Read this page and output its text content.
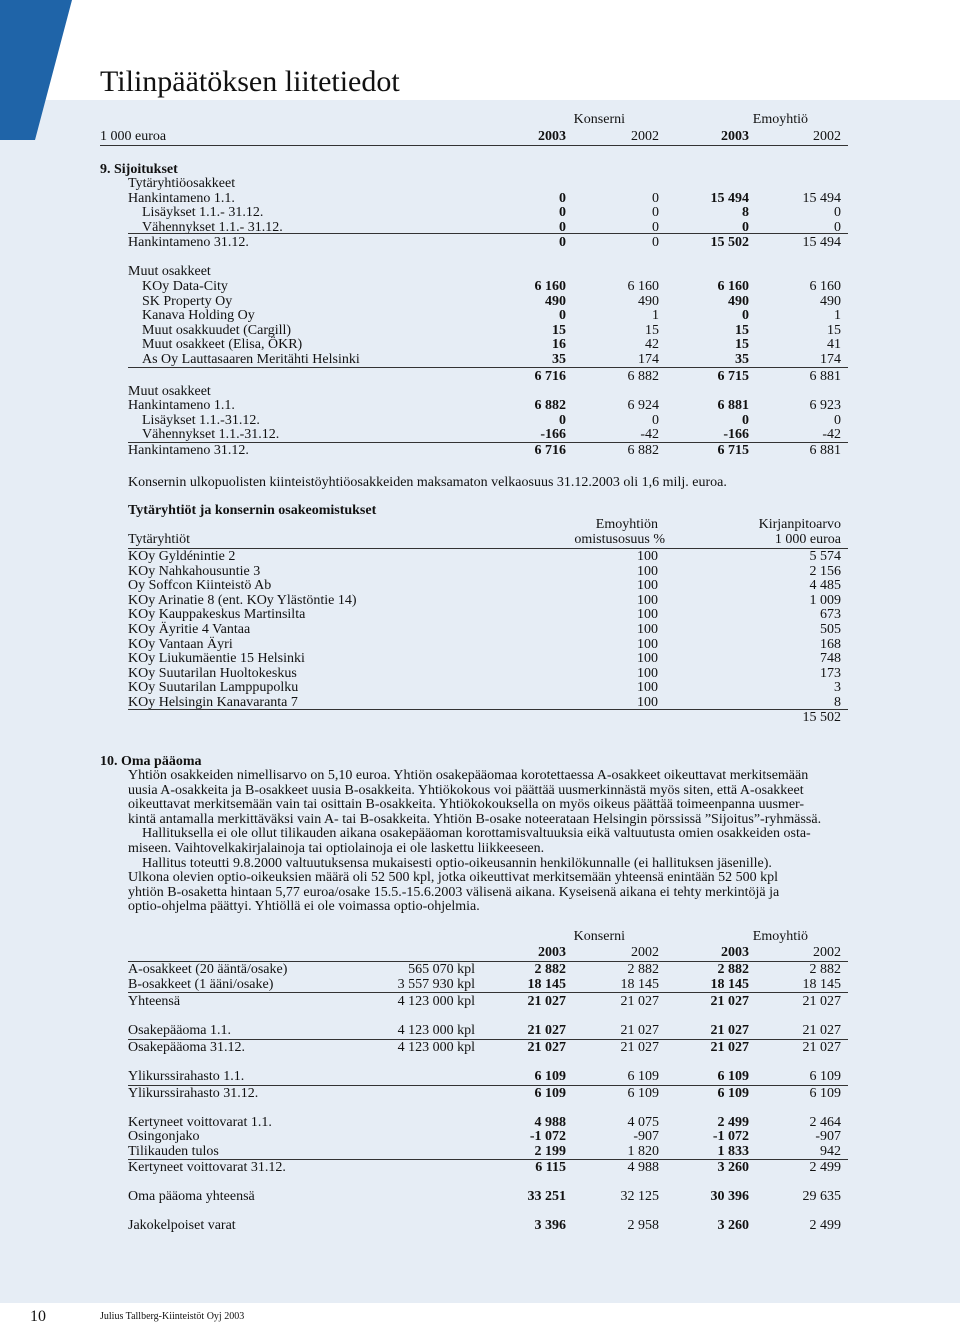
Tilinpäätöksen liitetiedot
Konserni	Emoyhtiö
1 000 euroa	2003	2002	2003	2002
9. Sijoitukset
Tytäryhtiöosakkeet
Hankintameno 1.1.	0	0	15 494	15 494
Lisäykset 1.1.- 31.12.	0	0	8	0
Vähennykset 1.1.- 31.12.	0	0	0	0
Hankintameno 31.12.	0	0	15 502	15 494
Muut osakkeet
KOy Data-City	6 160	6 160	6 160	6 160
SK Property Oy	490	490	490	490
Kanava Holding Oy	0	1	0	1
Muut osakkuudet (Cargill)	15	15	15	15
Muut osakkeet (Elisa, ÖKR)	16	42	15	41
As Oy Lauttasaaren Meritähti Helsinki	35	174	35	174
6 716	6 882	6 715	6 881
Muut osakkeet
Hankintameno 1.1.	6 882	6 924	6 881	6 923
Lisäykset 1.1.-31.12.	0	0	0	0
Vähennykset 1.1.-31.12.	-166	-42	-166	-42
Hankintameno 31.12.	6 716	6 882	6 715	6 881
Konsernin ulkopuolisten kiinteistöyhtiöosakkeiden maksamaton velkaosuus 31.12.2003 oli 1,6 milj. euroa.
Tytäryhtiöt ja konsernin osakeomistukset
Emoyhtiön	Kirjanpitoarvo
Tytäryhtiöt	omistusosuus %	1 000 euroa
KOy Gyldénintie 2	100	5 574
KOy Nahkahousuntie 3	100	2 156
Oy Soffcon Kiinteistö Ab	100	4 485
KOy Arinatie 8 (ent. KOy Ylästöntie 14)	100	1 009
KOy Kauppakeskus Martinsilta	100	673
KOy Äyritie 4 Vantaa	100	505
KOy Vantaan Äyri	100	168
KOy Liukumäentie 15 Helsinki	100	748
KOy Suutarilan Huoltokeskus	100	173
KOy Suutarilan Lamppupolku	100	3
KOy Helsingin Kanavaranta 7	100	8
15 502
10. Oma pääoma

Yhtiön osakkeiden nimellisarvo on 5,10 euroa. Yhtiön osakepääomaa korotettaessa A-osakkeet oikeuttavat merkitsemään

uusia A-osakkeita ja B-osakkeet uusia B-osakkeita. Yhtiökokous voi päättää uusmerkinnästä myös siten, että A-osakkeet

oikeuttavat merkitsemään vain tai osittain B-osakkeita. Yhtiökokouksella on myös oikeus päättää toimeenpanna uusmer-

kintä antamalla merkittäväksi vain A- tai B-osakkeita. Yhtiön B-osake noteerataan Helsingin pörssissä ”Sijoitus”-ryhmässä.

Hallituksella ei ole ollut tilikauden aikana osakepääoman korottamisvaltuuksia eikä valtuutusta omien osakkeiden osta-

miseen. Vaihtovelkakirjalainoja tai optiolainoja ei ole laskettu liikkeeseen.

Hallitus toteutti 9.8.2000 valtuutuksensa mukaisesti optio-oikeusannin henkilökunnalle (ei hallituksen jäsenille).

Ulkona olevien optio-oikeuksien määrä oli 52 500 kpl, jotka oikeuttivat merkitsemään yhteensä enintään 52 500 kpl

yhtiön B-osaketta hintaan 5,77 euroa/osake 15.5.-15.6.2003 välisenä aikana. Kyseisenä aikana ei tehty merkintöjä ja

optio-ohjelma päättyi. Yhtiöllä ei ole voimassa optio-ohjelmia.

Konserni	Emoyhtiö
2003	2002	2003	2002
A-osakkeet (20 ääntä/osake)	565 070 kpl	2 882	2 882	2 882	2 882
B-osakkeet (1 ääni/osake)	3 557 930 kpl	18 145	18 145	18 145	18 145
Yhteensä	4 123 000 kpl	21 027	21 027	21 027	21 027
Osakepääoma 1.1.	4 123 000 kpl	21 027	21 027	21 027	21 027
Osakepääoma 31.12.	4 123 000 kpl	21 027	21 027	21 027	21 027
Ylikurssirahasto 1.1.	6 109	6 109	6 109	6 109
Ylikurssirahasto 31.12.	6 109	6 109	6 109	6 109
Kertyneet voittovarat 1.1.	4 988	4 075	2 499	2 464
Osingonjako	-1 072	-907	-1 072	-907
Tilikauden tulos	2 199	1 820	1 833	942
Kertyneet voittovarat 31.12.	6 115	4 988	3 260	2 499
Oma pääoma yhteensä	33 251	32 125	30 396	29 635
Jakokelpoiset varat	3 396	2 958	3 260	2 499
10	Julius Tallberg-Kiinteistöt Oyj 2003
